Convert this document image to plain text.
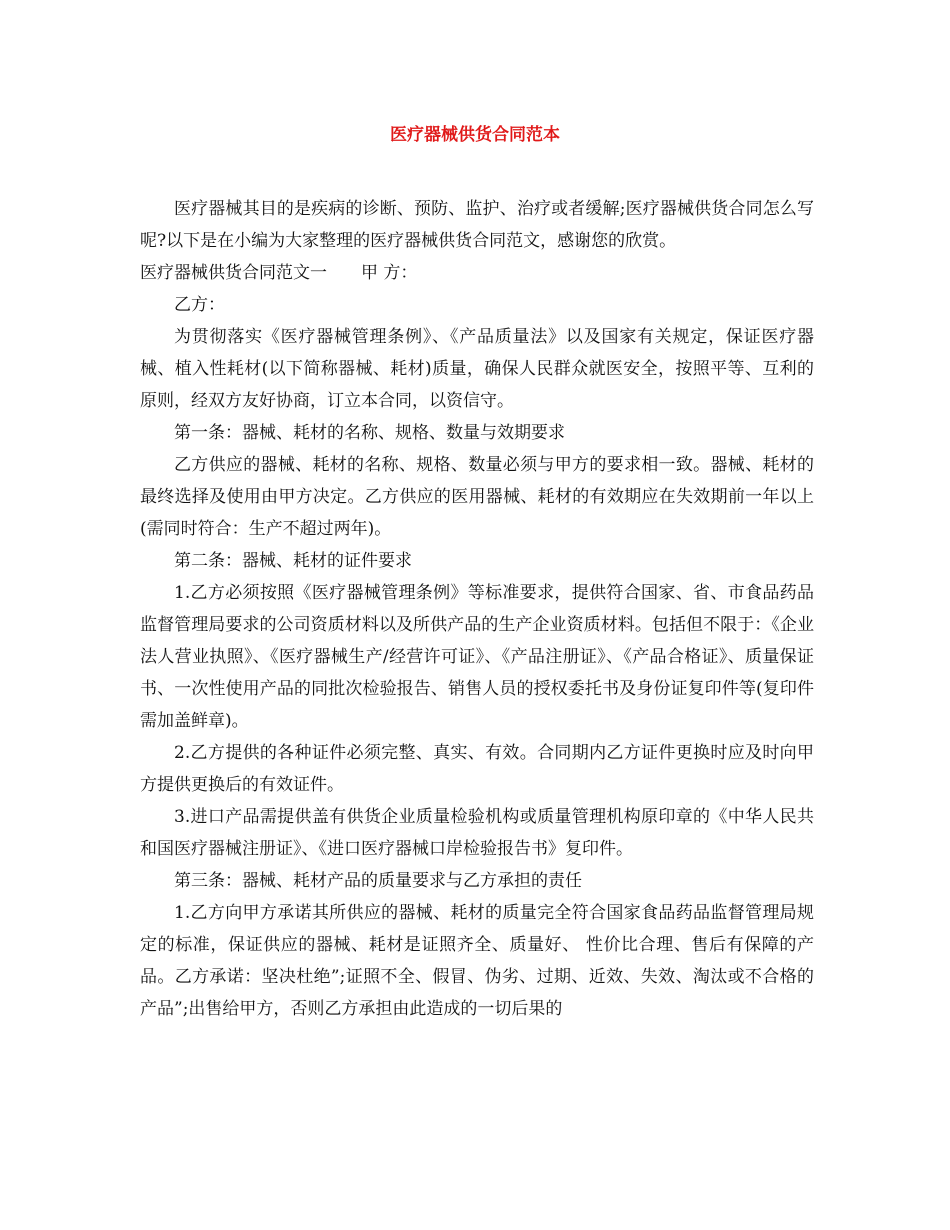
医疗器械供货合同范本

医疗器械其目的是疾病的诊断、预防、监护、治疗或者缓解;医疗器械供货合同怎么写呢?以下是在小编为大家整理的医疗器械供货合同范文，感谢您的欣赏。

医疗器械供货合同范文一　　甲 方：

乙方：

为贯彻落实《医疗器械管理条例》、《产品质量法》以及国家有关规定，保证医疗器械、植入性耗材(以下简称器械、耗材)质量，确保人民群众就医安全，按照平等、互利的原则，经双方友好协商，订立本合同，以资信守。

第一条：器械、耗材的名称、规格、数量与效期要求

乙方供应的器械、耗材的名称、规格、数量必须与甲方的要求相一致。器械、耗材的最终选择及使用由甲方决定。乙方供应的医用器械、耗材的有效期应在失效期前一年以上(需同时符合：生产不超过两年)。

第二条：器械、耗材的证件要求

1.乙方必须按照《医疗器械管理条例》等标准要求，提供符合国家、省、市食品药品监督管理局要求的公司资质材料以及所供产品的生产企业资质材料。包括但不限于：《企业法人营业执照》、《医疗器械生产/经营许可证》、《产品注册证》、《产品合格证》、质量保证书、一次性使用产品的同批次检验报告、销售人员的授权委托书及身份证复印件等(复印件需加盖鲜章)。

2.乙方提供的各种证件必须完整、真实、有效。合同期内乙方证件更换时应及时向甲方提供更换后的有效证件。

3.进口产品需提供盖有供货企业质量检验机构或质量管理机构原印章的《中华人民共和国医疗器械注册证》、《进口医疗器械口岸检验报告书》复印件。

第三条：器械、耗材产品的质量要求与乙方承担的责任

1.乙方向甲方承诺其所供应的器械、耗材的质量完全符合国家食品药品监督管理局规定的标准，保证供应的器械、耗材是证照齐全、质量好、 性价比合理、售后有保障的产品。乙方承诺：坚决杜绝”;证照不全、假冒、伪劣、过期、近效、失效、淘汰或不合格的产品”;出售给甲方，否则乙方承担由此造成的一切后果的
